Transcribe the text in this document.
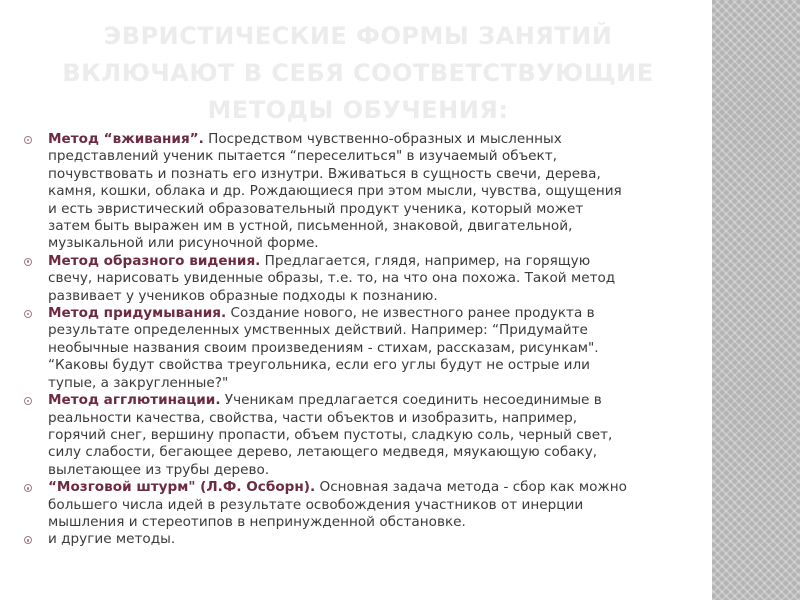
ЭВРИСТИЧЕСКИЕ ФОРМЫ ЗАНЯТИЙ
ВКЛЮЧАЮТ В СЕБЯ СООТВЕТСТВУЮЩИЕ
МЕТОДЫ ОБУЧЕНИЯ:
Метод “вживания”. Посредством чувственно-образных и мысленных
представлений ученик пытается “переселиться" в изучаемый объект,
почувствовать и познать его изнутри. Вживаться в сущность свечи, дерева,
камня, кошки, облака и др. Рождающиеся при этом мысли, чувства, ощущения
и есть эвристический образовательный продукт ученика, который может
затем быть выражен им в устной, письменной, знаковой, двигательной,
музыкальной или рисуночной форме.
Метод образного видения. Предлагается, глядя, например, на горящую
свечу, нарисовать увиденные образы, т.е. то, на что она похожа. Такой метод
развивает у учеников образные подходы к познанию.
Метод придумывания. Создание нового, не известного ранее продукта в
результате определенных умственных действий. Например: “Придумайте
необычные названия своим произведениям - стихам, рассказам, рисункам".
“Каковы будут свойства треугольника, если его углы будут не острые или
тупые, а закругленные?"
Метод агглютинации. Ученикам предлагается соединить несоединимые в
реальности качества, свойства, части объектов и изобразить, например,
горячий снег, вершину пропасти, объем пустоты, сладкую соль, черный свет,
силу слабости, бегающее дерево, летающего медведя, мяукающую собаку,
вылетающее из трубы дерево.
“Мозговой штурм" (Л.Ф. Осборн). Основная задача метода - сбор как можно
большего числа идей в результате освобождения участников от инерции
мышления и стереотипов в непринужденной обстановке.
и другие методы.
